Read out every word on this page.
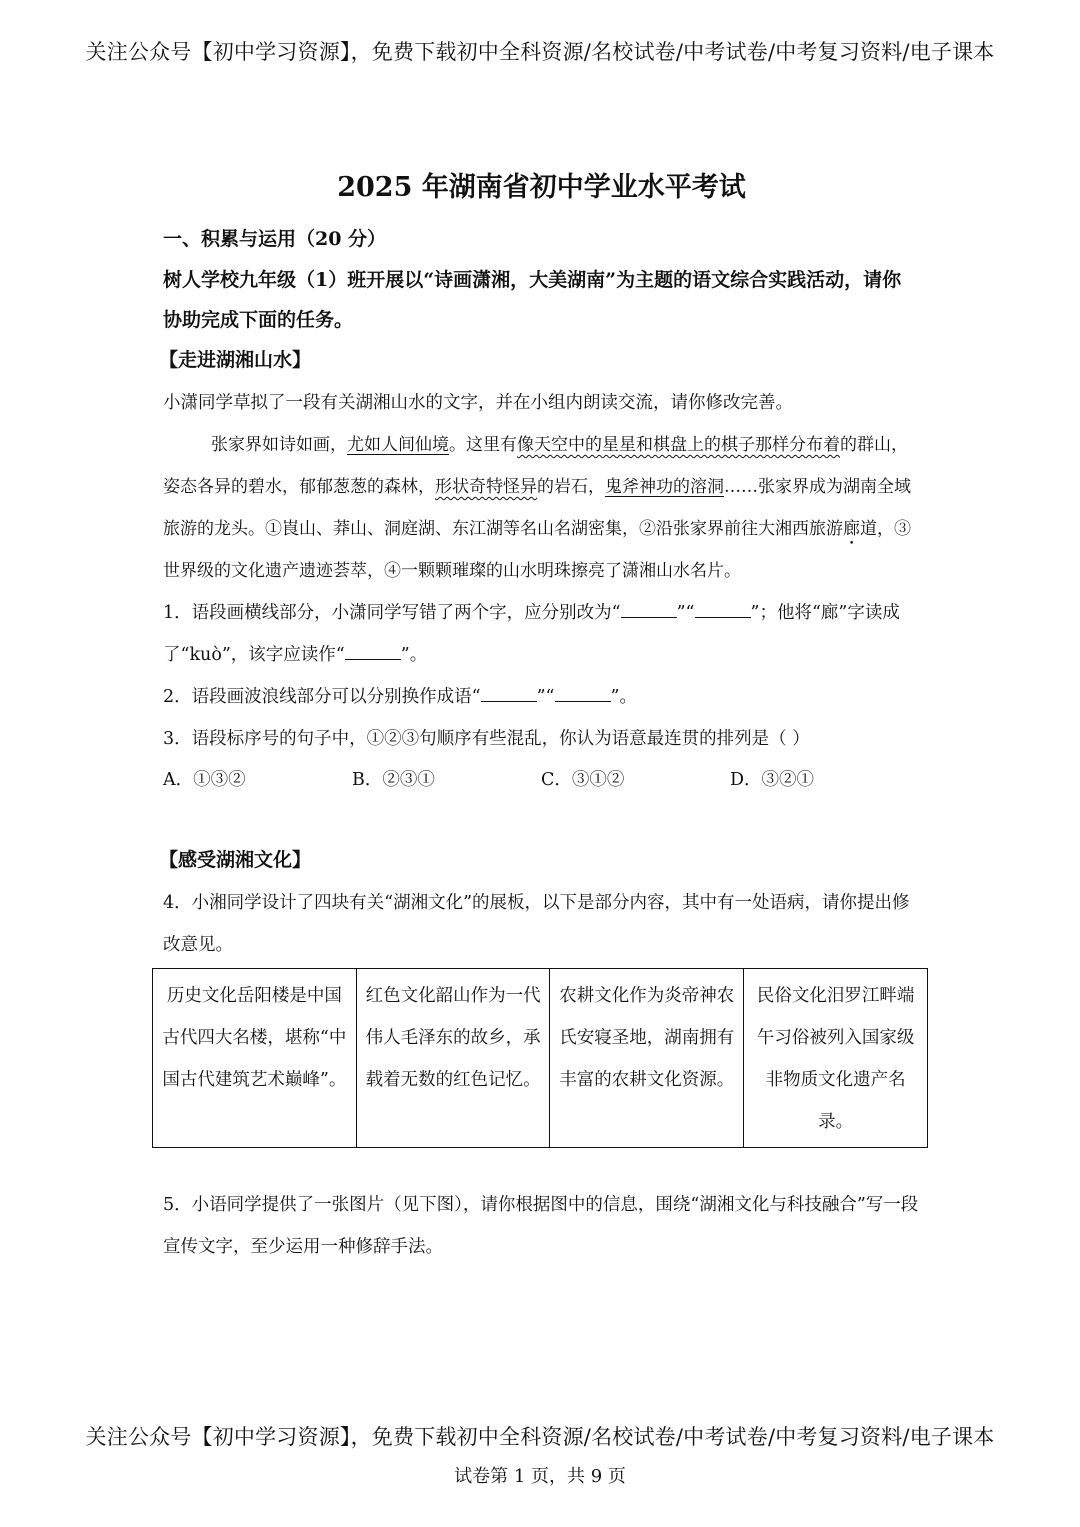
关注公众号【初中学习资源】，免费下载初中全科资源/名校试卷/中考试卷/中考复习资料/电子课本
2025 年湖南省初中学业水平考试
一、积累与运用（20 分）
树人学校九年级（1）班开展以“诗画潇湘，大美湖南”为主题的语文综合实践活动，请你协助完成下面的任务。
【走进湖湘山水】

小潇同学草拟了一段有关湖湘山水的文字，并在小组内朗读交流，请你修改完善。

张家界如诗如画，尤如人间仙境。这里有像天空中的星星和棋盘上的棋子那样分布着的群山，姿态各异的碧水，郁郁葱葱的森林，形状奇特怪异的岩石，鬼斧神功的溶洞……张家界成为湖南全域旅游的龙头。①崀山、莽山、洞庭湖、东江湖等名山名湖密集，②沿张家界前往大湘西旅游廊道，③世界级的文化遗产遗迹荟萃，④一颗颗璀璨的山水明珠擦亮了潇湘山水名片。

1．语段画横线部分，小潇同学写错了两个字，应分别改为“	”“	”；他将“廊”字读成了“kuò”，该字应读作“	”。

2．语段画波浪线部分可以分别换作成语“	”“	”。

3．语段标序号的句子中，①②③句顺序有些混乱，你认为语意最连贯的排列是（ ）

A．①③②	B．②③①	C．③①②	D．③②①
【感受湖湘文化】

4．小湘同学设计了四块有关“湖湘文化”的展板，以下是部分内容，其中有一处语病，请你提出修改意见。

历史文化岳阳楼是中国古代四大名楼，堪称“中国古代建筑艺术巅峰”。	红色文化韶山作为一代伟人毛泽东的故乡，承载着无数的红色记忆。	农耕文化作为炎帝神农氏安寝圣地，湖南拥有丰富的农耕文化资源。	民俗文化汨罗江畔端午习俗被列入国家级非物质文化遗产名录。

5．小语同学提供了一张图片（见下图），请你根据图中的信息，围绕“湖湘文化与科技融合”写一段宣传文字，至少运用一种修辞手法。

关注公众号【初中学习资源】，免费下载初中全科资源/名校试卷/中考试卷/中考复习资料/电子课本
试卷第 1 页，共 9 页
